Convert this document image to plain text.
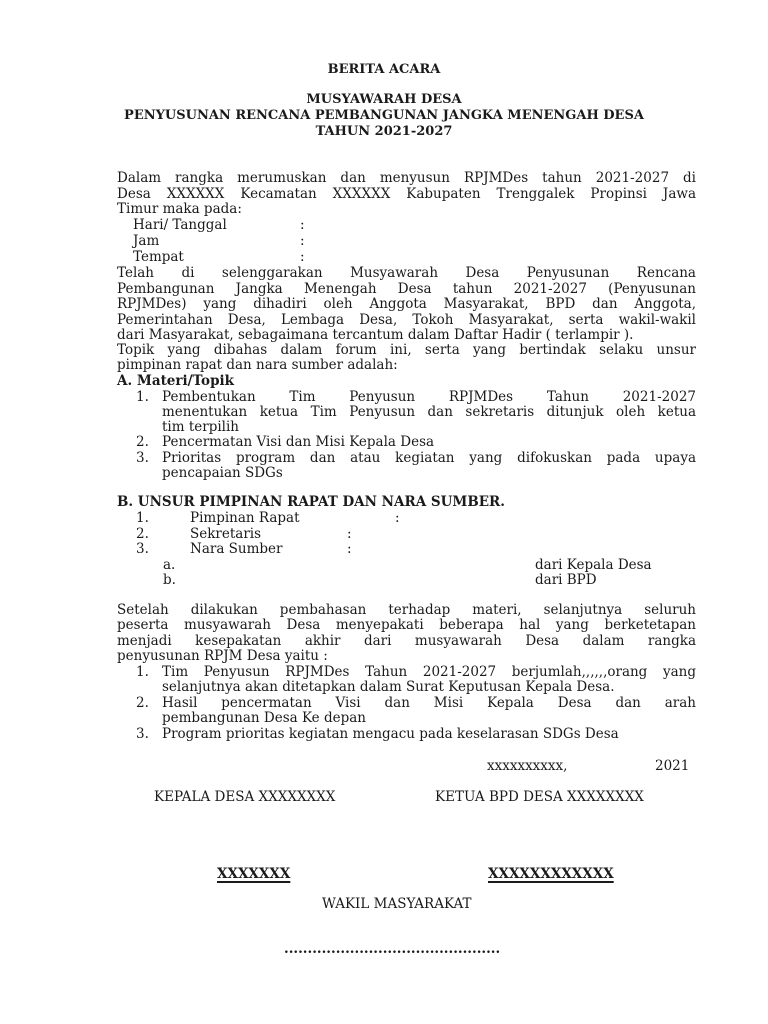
BERITA ACARA
MUSYAWARAH DESA
PENYUSUNAN RENCANA PEMBANGUNAN JANGKA MENENGAH DESA
TAHUN 2021-2027
Dalam rangka merumuskan dan menyusun RPJMDes tahun 2021-2027 di
Desa XXXXXX Kecamatan XXXXXX Kabupaten Trenggalek Propinsi Jawa
Timur maka pada:
Hari/ Tanggal	:
Jam	:
Tempat	:
Telah di selenggarakan Musyawarah Desa Penyusunan Rencana
Pembangunan Jangka Menengah Desa tahun 2021-2027 (Penyusunan
RPJMDes) yang dihadiri oleh Anggota Masyarakat, BPD dan Anggota,
Pemerintahan Desa, Lembaga Desa, Tokoh Masyarakat, serta wakil-wakil
dari Masyarakat, sebagaimana tercantum dalam Daftar Hadir ( terlampir ).
Topik yang dibahas dalam forum ini, serta yang bertindak selaku unsur
pimpinan rapat dan nara sumber adalah:
A. Materi/Topik
1. Pembentukan Tim Penyusun RPJMDes Tahun 2021-2027
menentukan ketua Tim Penyusun dan sekretaris ditunjuk oleh ketua
tim terpilih
2. Pencermatan Visi dan Misi Kepala Desa
3. Prioritas program dan atau kegiatan yang difokuskan pada upaya
pencapaian SDGs
B. UNSUR PIMPINAN RAPAT DAN NARA SUMBER.
1.	Pimpinan Rapat	:
2.	Sekretaris	:
3.	Nara Sumber	:
a.	dari Kepala Desa
b.	dari BPD
Setelah dilakukan pembahasan terhadap materi, selanjutnya seluruh
peserta musyawarah Desa menyepakati beberapa hal yang berketetapan
menjadi kesepakatan akhir dari musyawarah Desa dalam rangka
penyusunan RPJM Desa yaitu :
1. Tim Penyusun RPJMDes Tahun 2021-2027 berjumlah,,,,,,orang yang
selanjutnya akan ditetapkan dalam Surat Keputusan Kepala Desa.
2. Hasil pencermatan Visi dan Misi Kepala Desa dan arah
pembangunan Desa Ke depan
3. Program prioritas kegiatan mengacu pada keselarasan SDGs Desa
xxxxxxxxxx,	2021
KEPALA DESA XXXXXXXX	KETUA BPD DESA XXXXXXXX
XXXXXXX	XXXXXXXXXXXX
WAKIL MASYARAKAT
..............................................
